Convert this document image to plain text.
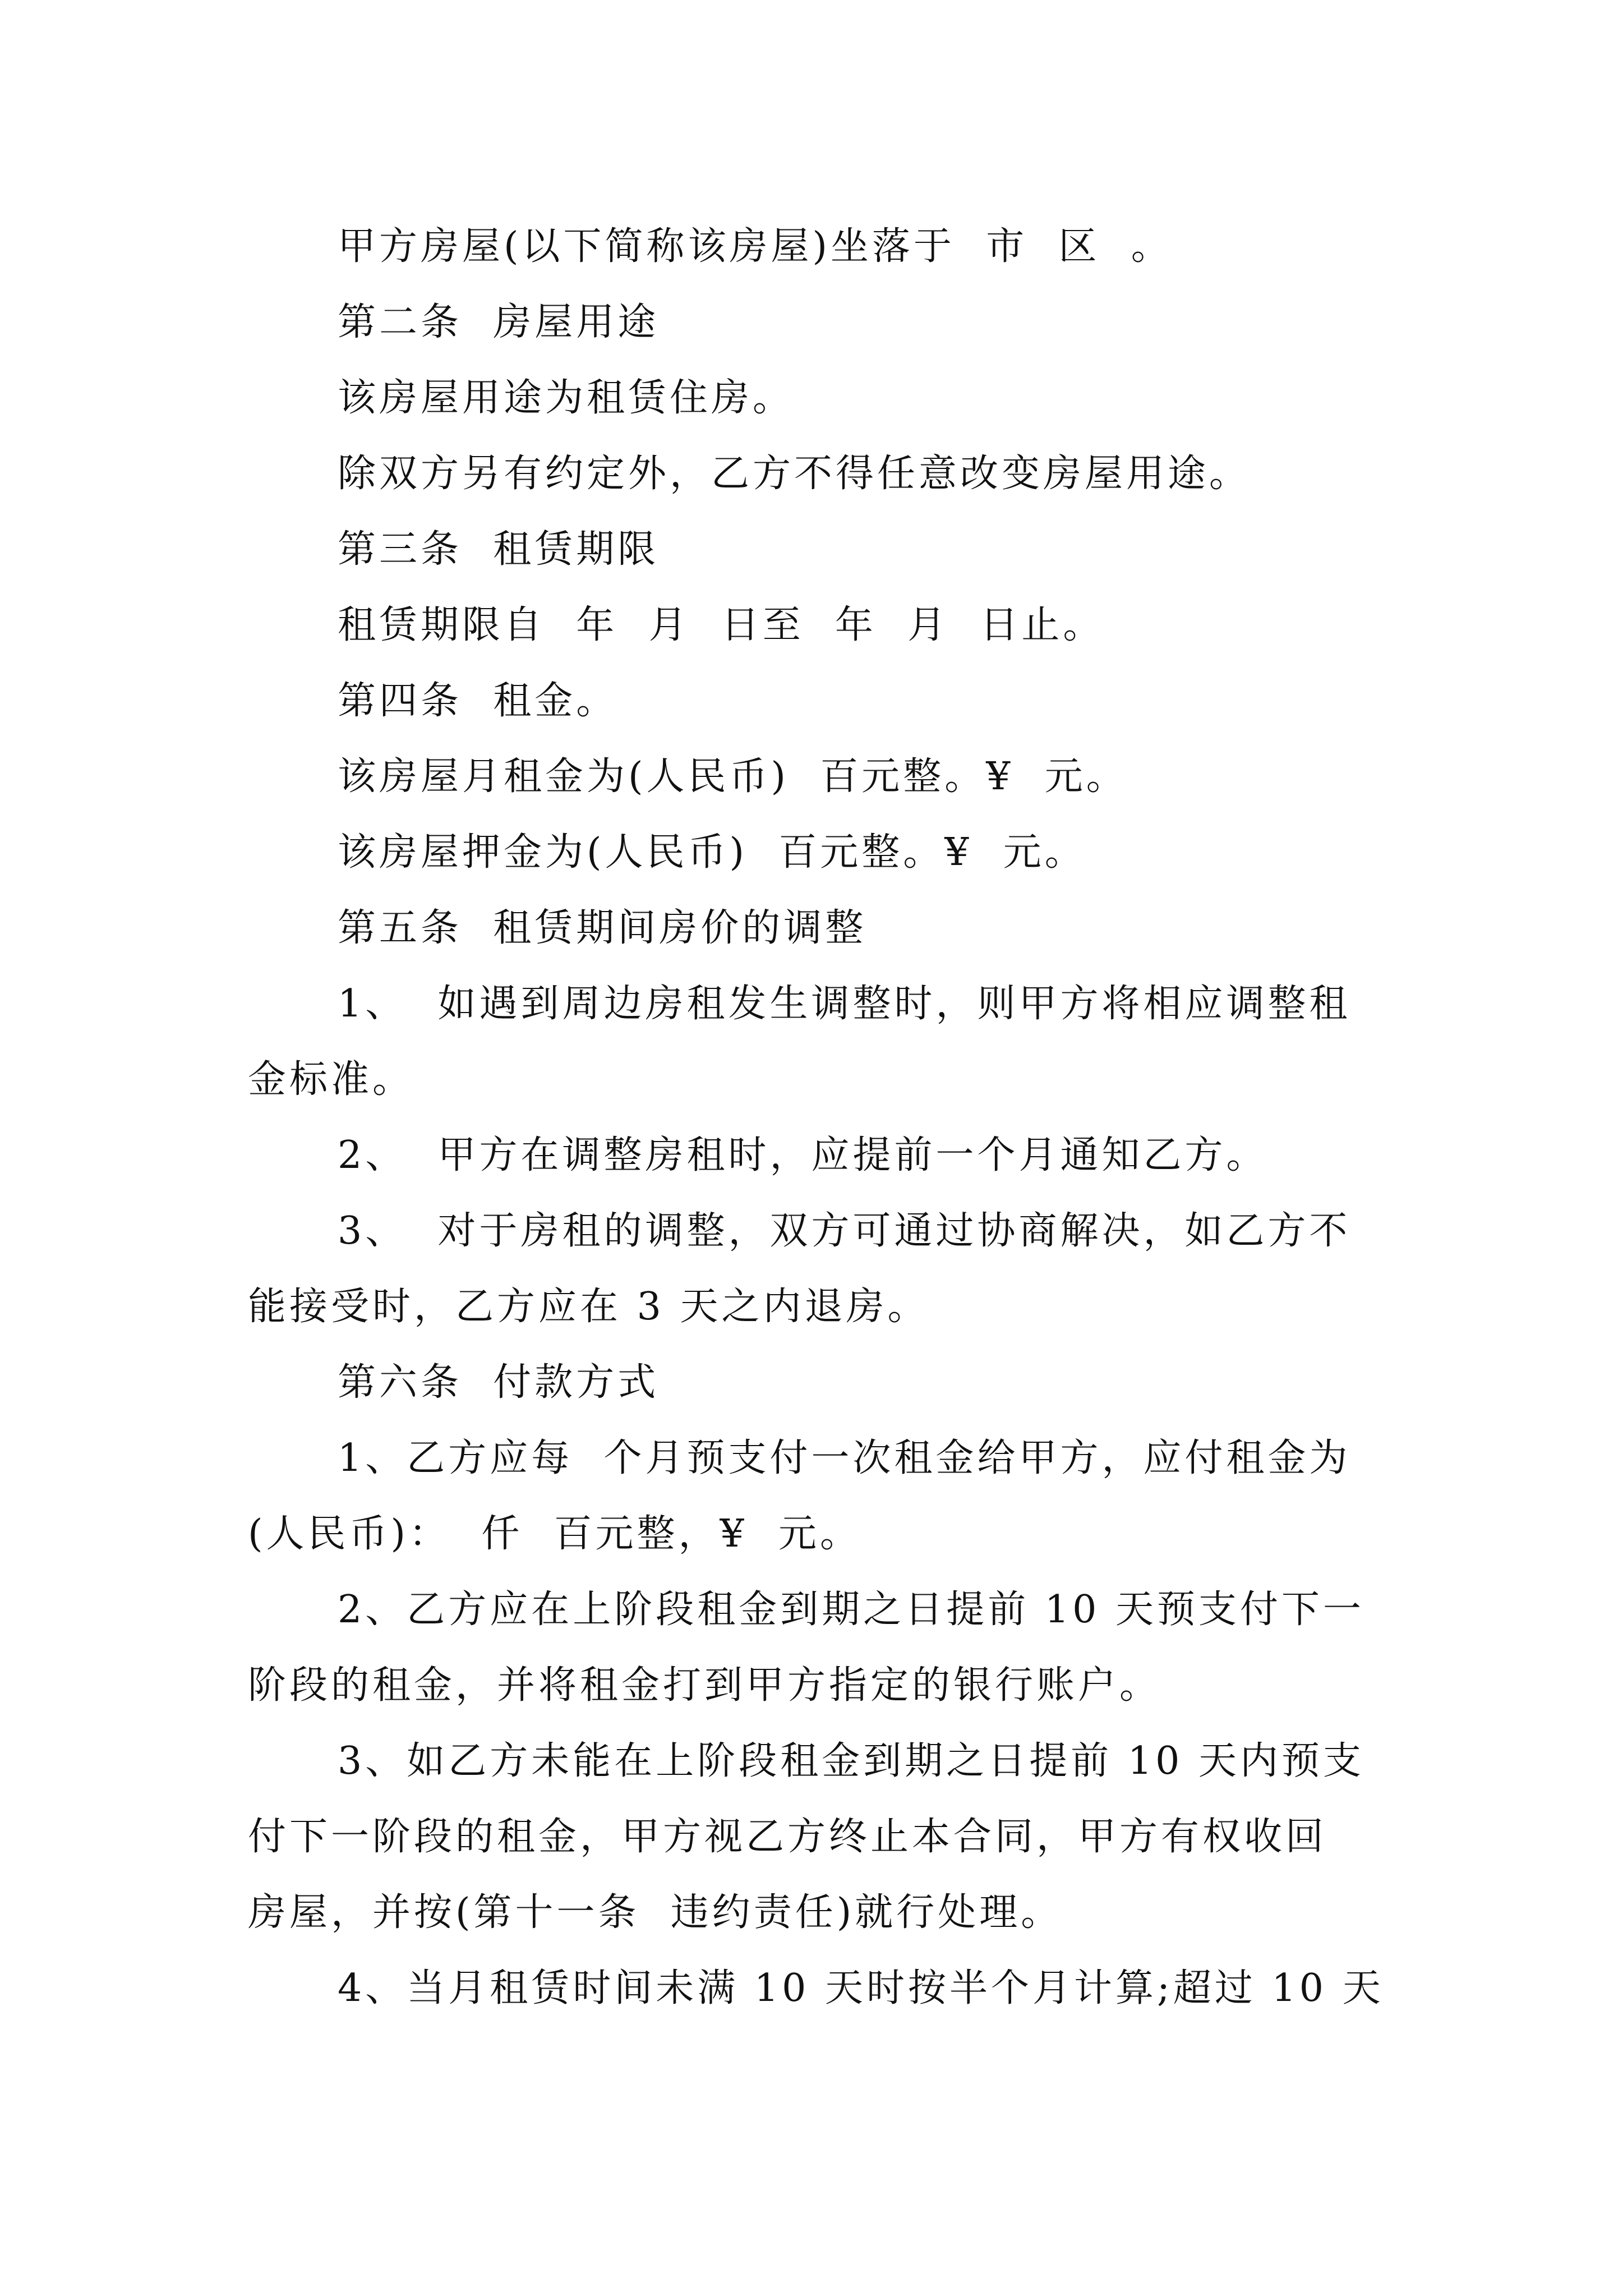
甲方房屋(以下简称该房屋)坐落于  市  区  。
第二条  房屋用途
该房屋用途为租赁住房。
除双方另有约定外，乙方不得任意改变房屋用途。
第三条  租赁期限
租赁期限自  年  月  日至  年  月  日止。
第四条  租金。
该房屋月租金为(人民币)  百元整。¥  元。
该房屋押金为(人民币)  百元整。¥  元。
第五条  租赁期间房价的调整
1、  如遇到周边房租发生调整时，则甲方将相应调整租
金标准。
2、  甲方在调整房租时，应提前一个月通知乙方。
3、  对于房租的调整，双方可通过协商解决，如乙方不
能接受时，乙方应在 3 天之内退房。
第六条  付款方式
1、乙方应每  个月预支付一次租金给甲方，应付租金为
(人民币)：  仟  百元整，¥  元。
2、乙方应在上阶段租金到期之日提前 10 天预支付下一
阶段的租金，并将租金打到甲方指定的银行账户。
3、如乙方未能在上阶段租金到期之日提前 10 天内预支
付下一阶段的租金，甲方视乙方终止本合同，甲方有权收回
房屋，并按(第十一条  违约责任)就行处理。
4、当月租赁时间未满 10 天时按半个月计算;超过 10 天
